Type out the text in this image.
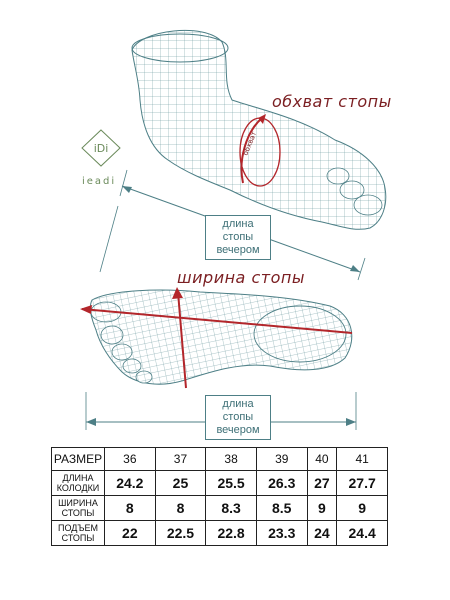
обхват
iDi
ieadi
обхват стопы
ширина стопы
длина
стопы
вечером
длина
стопы
вечером
РАЗМЕР	36	37	38	39	40	41

ДЛИНА
КОЛОДКИ	24.2	25	25.5	26.3	27	27.7

ШИРИНА
СТОПЫ	8	8	8.3	8.5	9	9

ПОДЪЕМ
СТОПЫ	22	22.5	22.8	23.3	24	24.4
